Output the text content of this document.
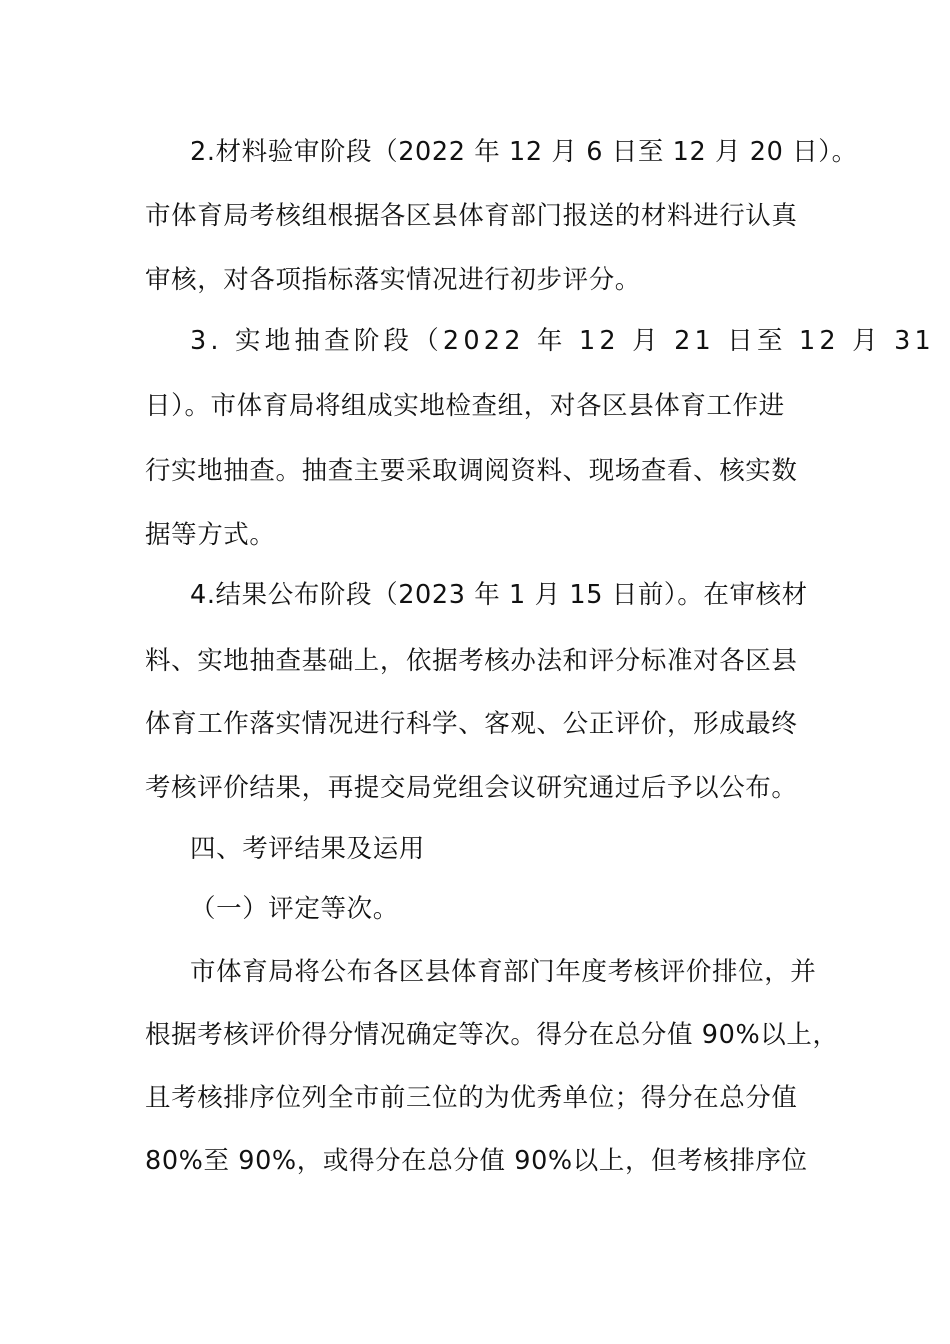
2.材料验审阶段（2022 年 12 月 6 日至 12 月 20 日）。
市体育局考核组根据各区县体育部门报送的材料进行认真
审核，对各项指标落实情况进行初步评分。
3. 实地抽查阶段（2022 年 12 月 21 日至 12 月 31
日）。市体育局将组成实地检查组，对各区县体育工作进
行实地抽查。抽查主要采取调阅资料、现场查看、核实数
据等方式。
4.结果公布阶段（2023 年 1 月 15 日前）。在审核材
料、实地抽查基础上，依据考核办法和评分标准对各区县
体育工作落实情况进行科学、客观、公正评价，形成最终
考核评价结果，再提交局党组会议研究通过后予以公布。
四、考评结果及运用
（一）评定等次。
市体育局将公布各区县体育部门年度考核评价排位，并
根据考核评价得分情况确定等次。得分在总分值 90%以上，
且考核排序位列全市前三位的为优秀单位；得分在总分值
80%至 90%，或得分在总分值 90%以上，但考核排序位
